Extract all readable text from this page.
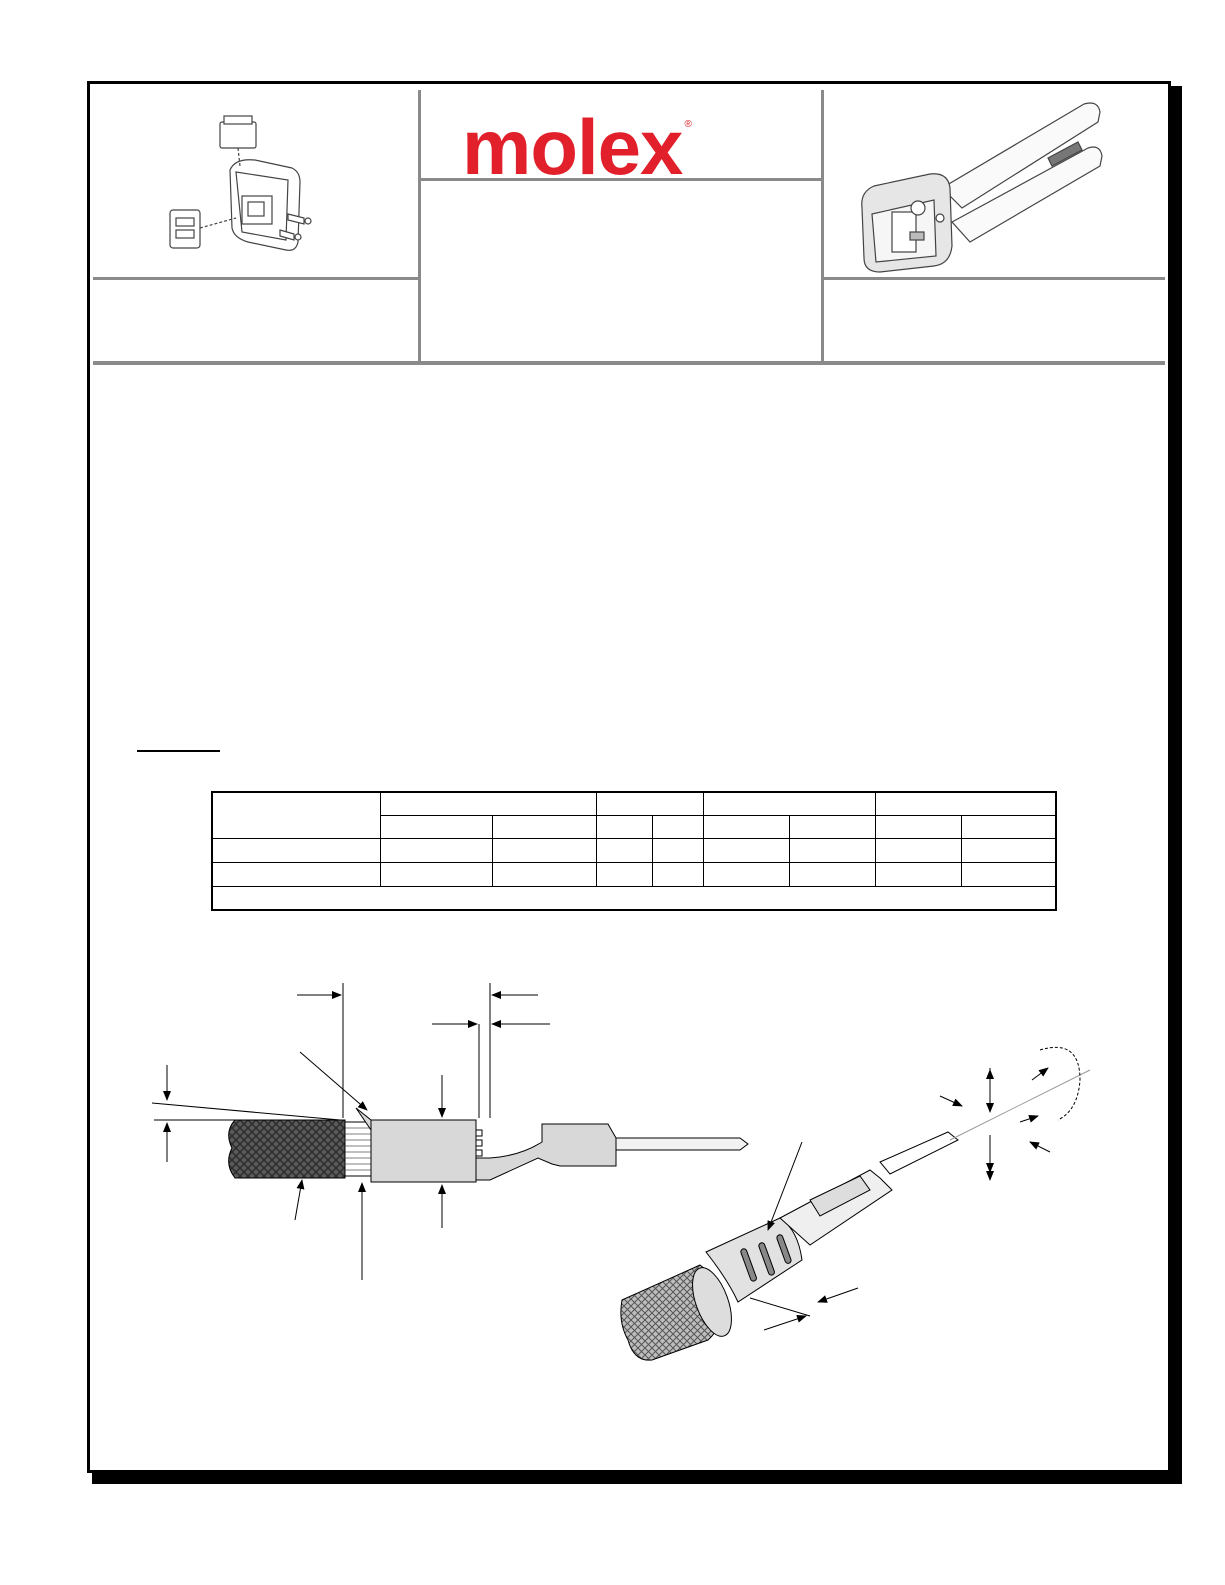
molex ®
